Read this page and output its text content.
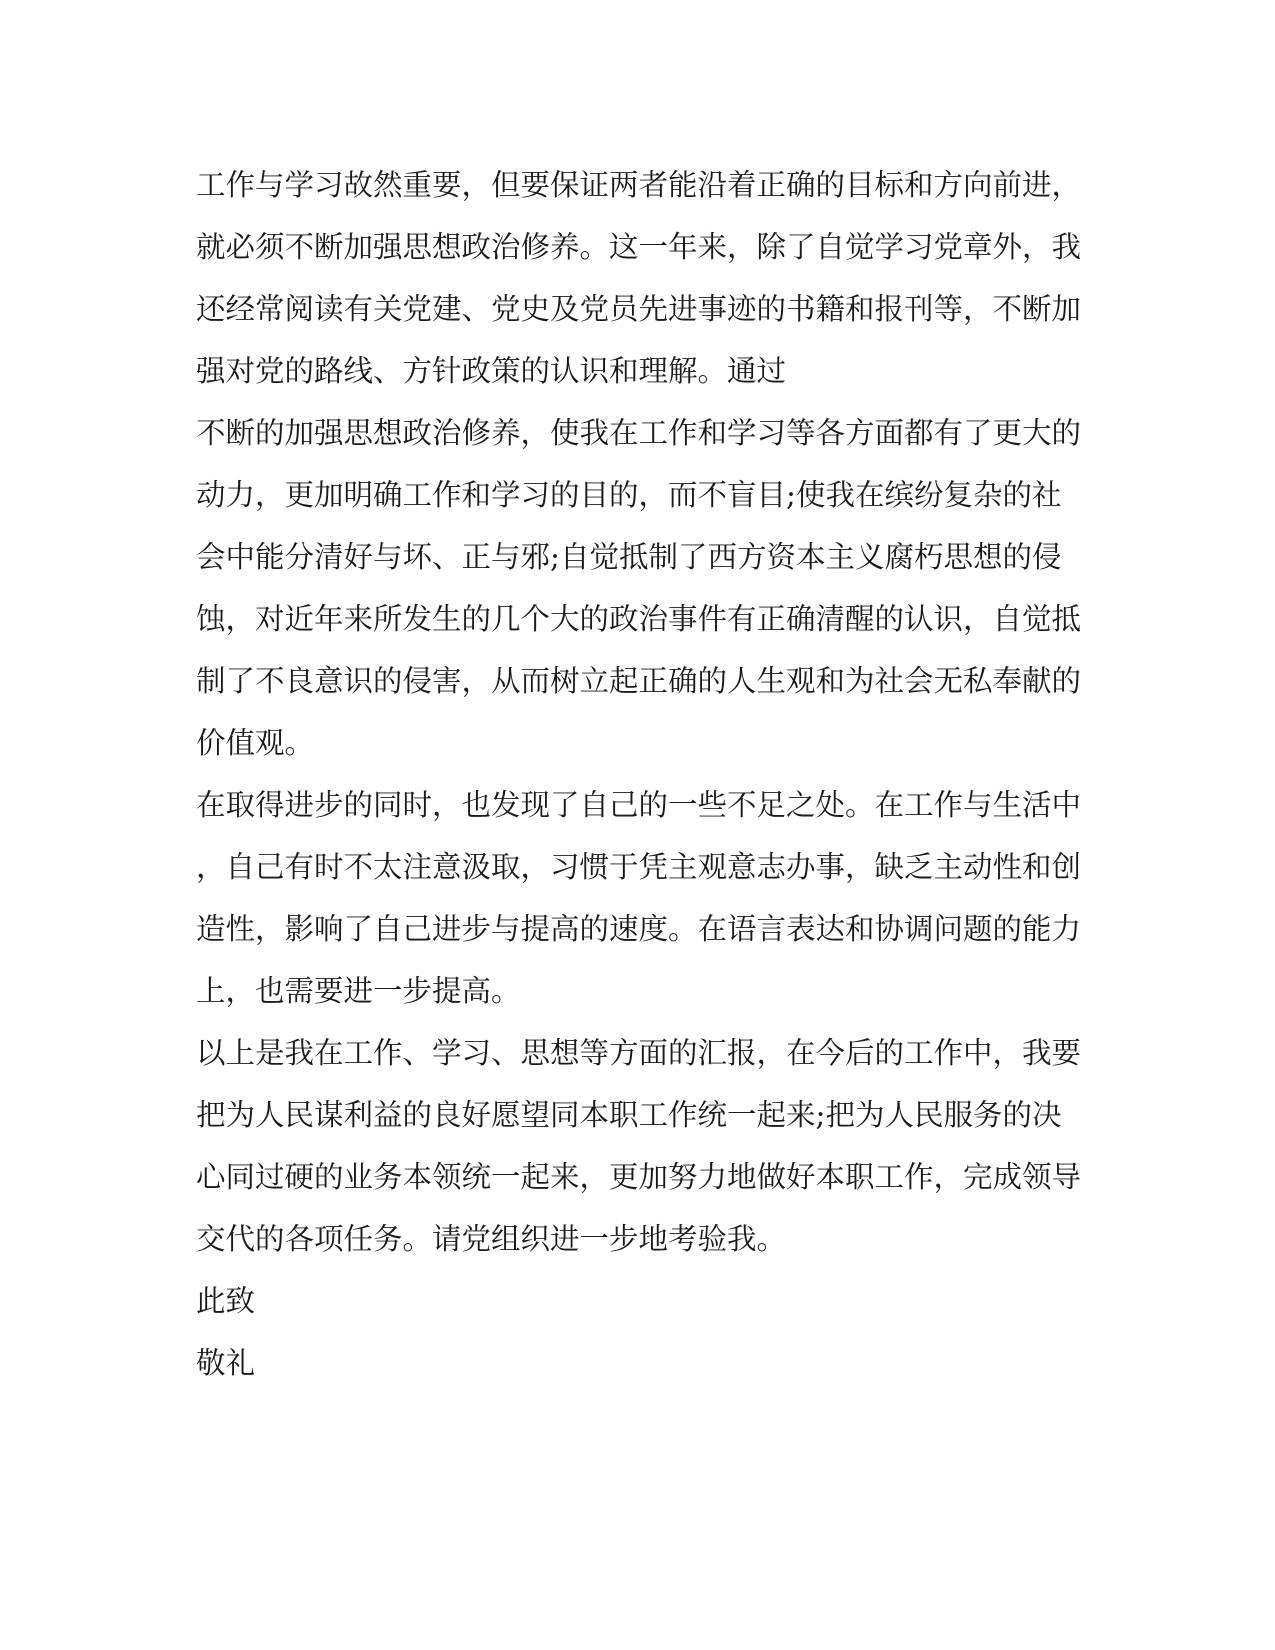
工作与学习故然重要，但要保证两者能沿着正确的目标和方向前进，

就必须不断加强思想政治修养。这一年来，除了自觉学习党章外，我

还经常阅读有关党建、党史及党员先进事迹的书籍和报刊等，不断加

强对党的路线、方针政策的认识和理解。通过

不断的加强思想政治修养，使我在工作和学习等各方面都有了更大的

动力，更加明确工作和学习的目的，而不盲目;使我在缤纷复杂的社

会中能分清好与坏、正与邪;自觉抵制了西方资本主义腐朽思想的侵

蚀，对近年来所发生的几个大的政治事件有正确清醒的认识，自觉抵

制了不良意识的侵害，从而树立起正确的人生观和为社会无私奉献的

价值观。

在取得进步的同时，也发现了自己的一些不足之处。在工作与生活中

，自己有时不太注意汲取，习惯于凭主观意志办事，缺乏主动性和创

造性，影响了自己进步与提高的速度。在语言表达和协调问题的能力

上，也需要进一步提高。

以上是我在工作、学习、思想等方面的汇报，在今后的工作中，我要

把为人民谋利益的良好愿望同本职工作统一起来;把为人民服务的决

心同过硬的业务本领统一起来，更加努力地做好本职工作，完成领导

交代的各项任务。请党组织进一步地考验我。

此致

敬礼
